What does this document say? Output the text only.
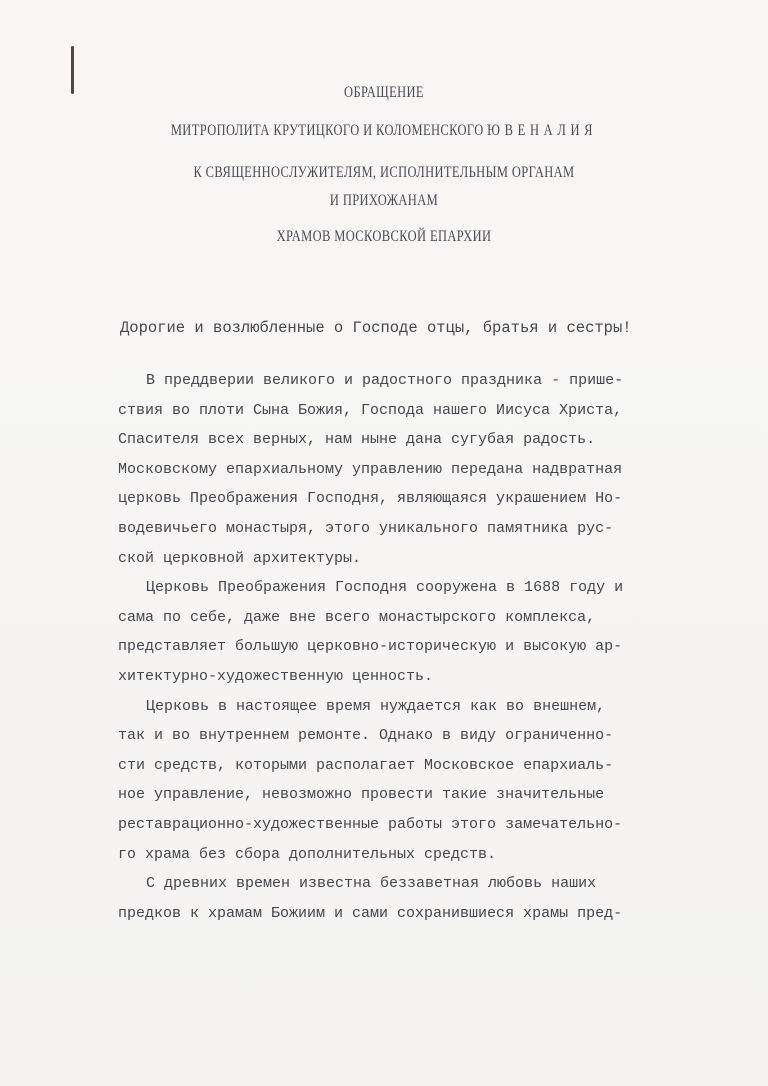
ОБРАЩЕНИЕ
МИТРОПОЛИТА КРУТИЦКОГО И КОЛОМЕНСКОГО ЮВЕНАЛИЯ
К СВЯЩЕННОСЛУЖИТЕЛЯМ, ИСПОЛНИТЕЛЬНЫМ ОРГАНАМ
И ПРИХОЖАНАМ
ХРАМОВ МОСКОВСКОЙ ЕПАРХИИ
Дорогие и возлюбленные о Господе отцы, братья и сестры!
В преддверии великого и радостного праздника - прише-
ствия во плоти Сына Божия, Господа нашего Иисуса Христа,
Спасителя всех верных, нам ныне дана сугубая радость.
Московскому епархиальному управлению передана надвратная
церковь Преображения Господня, являющаяся украшением Но-
водевичьего монастыря, этого уникального памятника рус-
ской церковной архитектуры.
Церковь Преображения Господня сооружена в 1688 году и
сама по себе, даже вне всего монастырского комплекса,
представляет большую церковно-историческую и высокую ар-
хитектурно-художественную ценность.
Церковь в настоящее время нуждается как во внешнем,
так и во внутреннем ремонте. Однако в виду ограниченно-
сти средств, которыми располагает Московское епархиаль-
ное управление, невозможно провести такие значительные
реставрационно-художественные работы этого замечательно-
го храма без сбора дополнительных средств.
С древних времен известна беззаветная любовь наших
предков к храмам Божиим и сами сохранившиеся храмы пред-
